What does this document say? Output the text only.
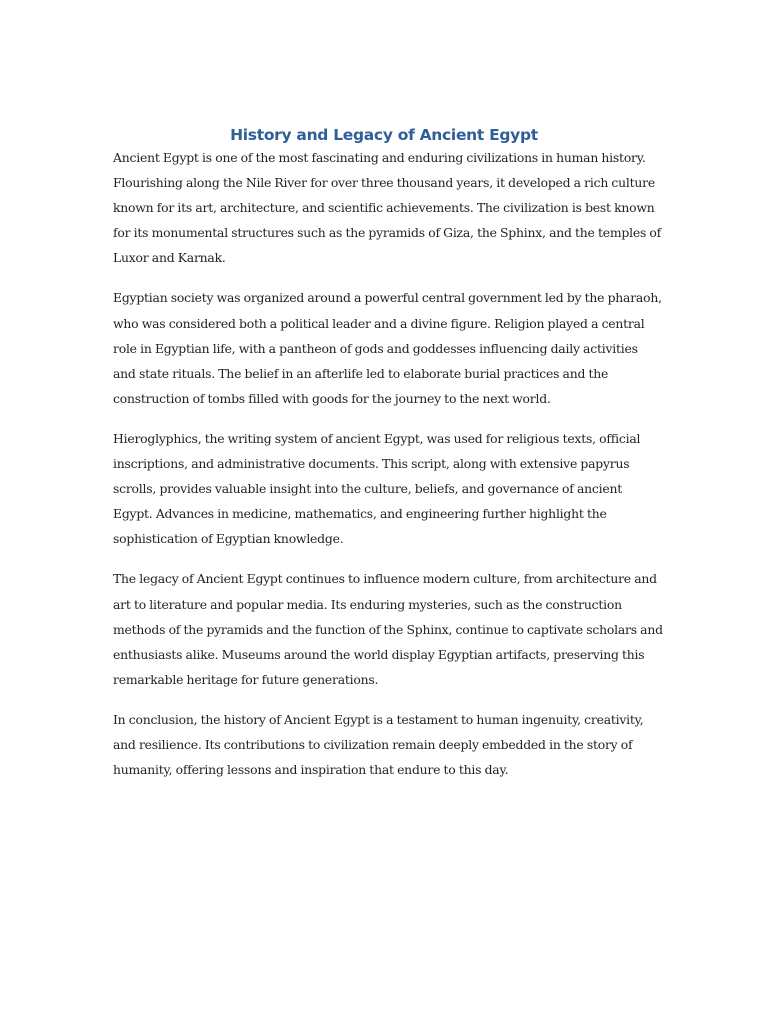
History and Legacy of Ancient Egypt

Ancient Egypt is one of the most fascinating and enduring civilizations in human history. Flourishing along the Nile River for over three thousand years, it developed a rich culture known for its art, architecture, and scientific achievements. The civilization is best known for its monumental structures such as the pyramids of Giza, the Sphinx, and the temples of Luxor and Karnak.

Egyptian society was organized around a powerful central government led by the pharaoh, who was considered both a political leader and a divine figure. Religion played a central role in Egyptian life, with a pantheon of gods and goddesses influencing daily activities and state rituals. The belief in an afterlife led to elaborate burial practices and the construction of tombs filled with goods for the journey to the next world.

Hieroglyphics, the writing system of ancient Egypt, was used for religious texts, official inscriptions, and administrative documents. This script, along with extensive papyrus scrolls, provides valuable insight into the culture, beliefs, and governance of ancient Egypt. Advances in medicine, mathematics, and engineering further highlight the sophistication of Egyptian knowledge.

The legacy of Ancient Egypt continues to influence modern culture, from architecture and art to literature and popular media. Its enduring mysteries, such as the construction methods of the pyramids and the function of the Sphinx, continue to captivate scholars and enthusiasts alike. Museums around the world display Egyptian artifacts, preserving this remarkable heritage for future generations.

In conclusion, the history of Ancient Egypt is a testament to human ingenuity, creativity, and resilience. Its contributions to civilization remain deeply embedded in the story of humanity, offering lessons and inspiration that endure to this day.
